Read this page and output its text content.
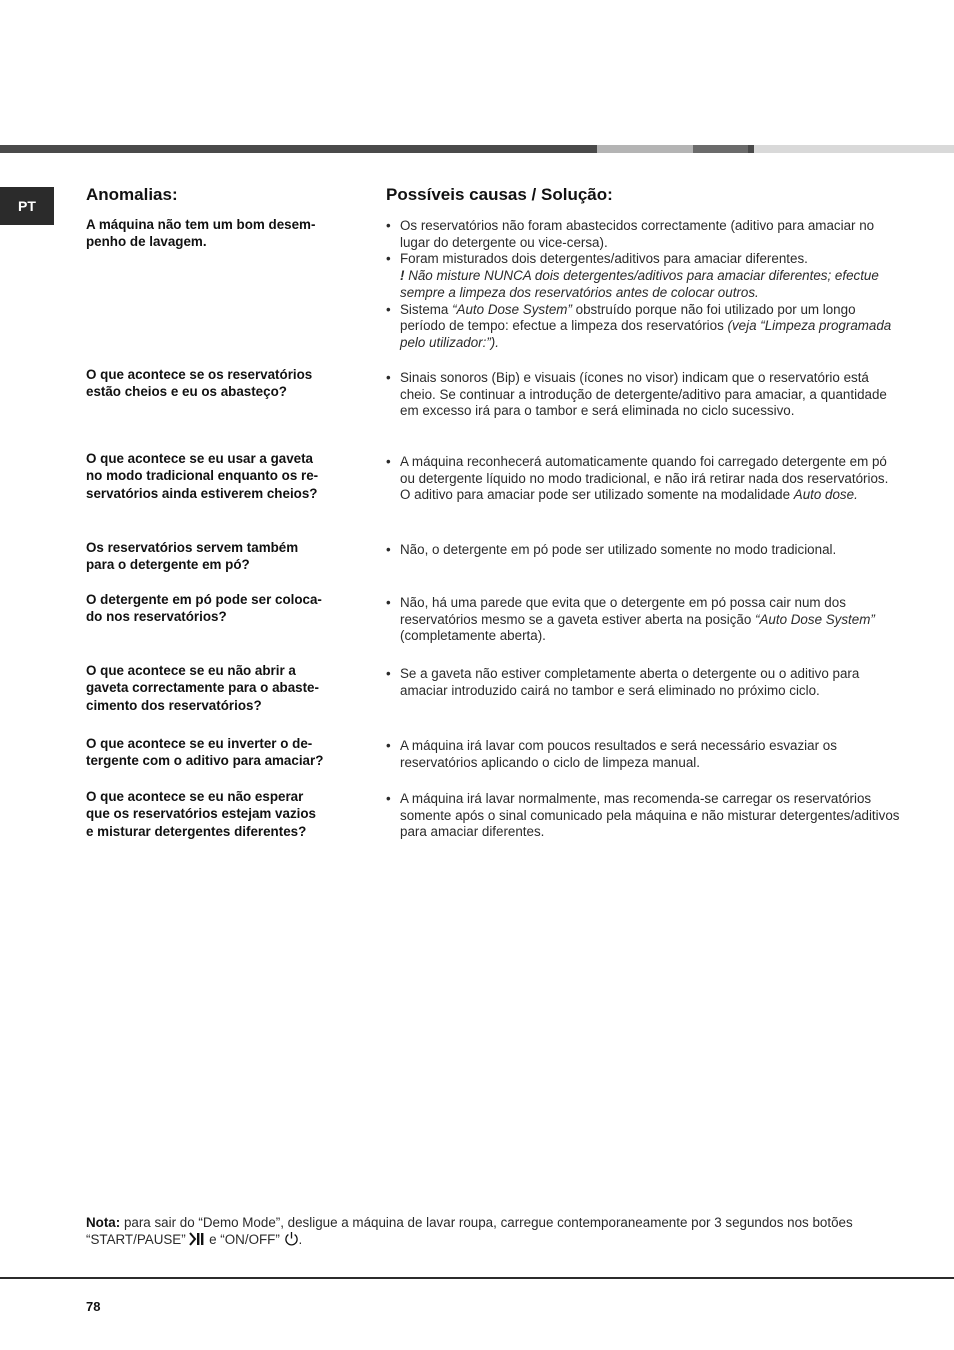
PT
Anomalias:	Possíveis causas / Solução:
A máquina não tem um bom desem-
penho de lavagem.
• Os reservatórios não foram abastecidos correctamente (aditivo para amaciar no lugar do detergente ou vice-cersa).
• Foram misturados dois detergentes/aditivos para amaciar diferentes.
! Não misture NUNCA dois detergentes/aditivos para amaciar diferentes; efectue sempre a limpeza dos reservatórios antes de colocar outros.
• Sistema “Auto Dose System” obstruído porque não foi utilizado por um longo período de tempo: efectue a limpeza dos reservatórios (veja “Limpeza programada pelo utilizador:”).
O que acontece se os reservatórios
estão cheios e eu os abasteço?
• Sinais sonoros (Bip) e visuais (ícones no visor) indicam que o reservatório está cheio. Se continuar a introdução de detergente/aditivo para amaciar, a quantidade em excesso irá para o tambor e será eliminada no ciclo sucessivo.
O que acontece se eu usar a gaveta
no modo tradicional enquanto os re-
servatórios ainda estiverem cheios?
• A máquina reconhecerá automaticamente quando foi carregado detergente em pó ou detergente líquido no modo tradicional, e não irá retirar nada dos reservatórios. O aditivo para amaciar pode ser utilizado somente na modalidade Auto dose.
Os reservatórios servem também
para o detergente em pó?
• Não, o detergente em pó pode ser utilizado somente no modo tradicional.
O detergente em pó pode ser coloca-
do nos reservatórios?
• Não, há uma parede que evita que o detergente em pó possa cair num dos reservatórios mesmo se a gaveta estiver aberta na posição “Auto Dose System” (completamente aberta).
O que acontece se eu não abrir a
gaveta correctamente para o abaste-
cimento dos reservatórios?
• Se a gaveta não estiver completamente aberta o detergente ou o aditivo para amaciar introduzido cairá no tambor e será eliminado no próximo ciclo.
O que acontece se eu inverter o de-
tergente com o aditivo para amaciar?
• A máquina irá lavar com poucos resultados e será necessário esvaziar os reservatórios aplicando o ciclo de limpeza manual.
O que acontece se eu não esperar
que os reservatórios estejam vazios
e misturar detergentes diferentes?
• A máquina irá lavar normalmente, mas recomenda-se carregar os reservatórios somente após o sinal comunicado pela máquina e não misturar detergentes/aditivos para amaciar diferentes.
Nota: para sair do “Demo Mode”, desligue a máquina de lavar roupa, carregue contemporaneamente por 3 segundos nos botões “START/PAUSE”  e “ON/OFF” .
78
